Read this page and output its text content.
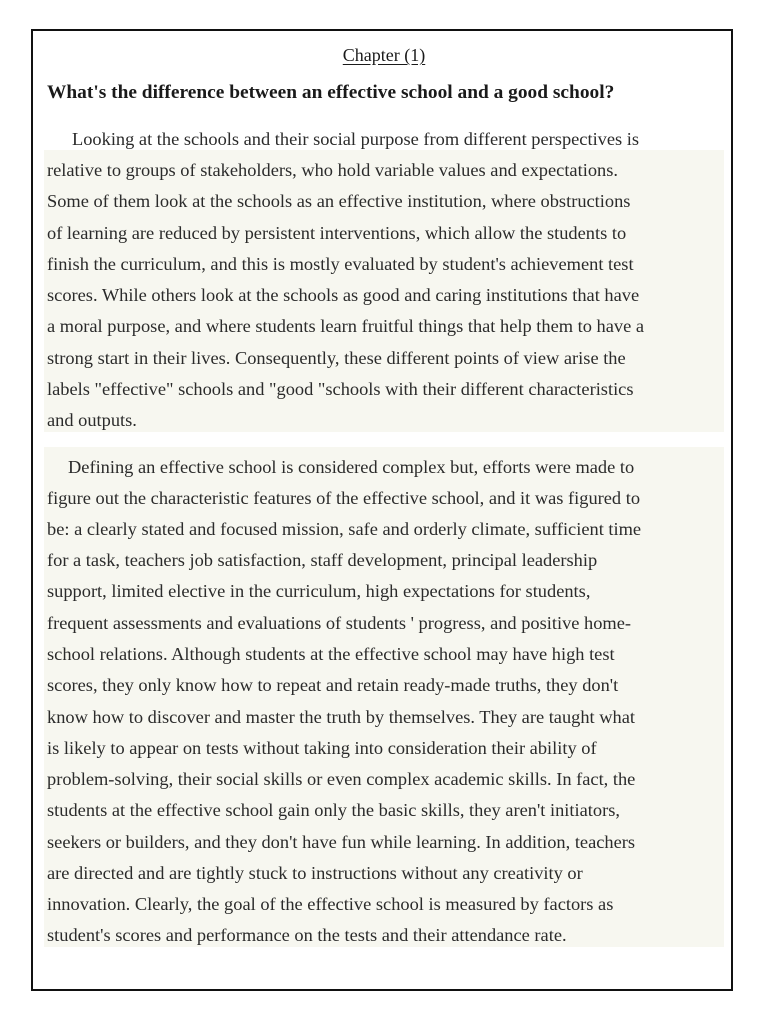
Chapter (1)
What's the difference between an effective school and a good school?
Looking at the schools and their social purpose from different perspectives is
relative to groups of stakeholders, who hold variable values and expectations.
Some of them look at the schools as an effective institution, where obstructions
of learning are reduced by persistent interventions, which allow the students to
finish the curriculum, and this is mostly evaluated by student's achievement test
scores. While others look at the schools as good and caring institutions that have
a moral purpose, and where students learn fruitful things that help them to have a
strong start in their lives. Consequently, these different points of view arise the
labels "effective" schools and "good "schools with their different characteristics
and outputs.
Defining an effective school is considered complex but, efforts were made to
figure out the characteristic features of the effective school, and it was figured to
be: a clearly stated and focused mission, safe and orderly climate, sufficient time
for a task, teachers job satisfaction, staff development, principal leadership
support, limited elective in the curriculum, high expectations for students,
frequent assessments and evaluations of students ' progress, and positive home-
school relations. Although students at the effective school may have high test
scores, they only know how to repeat and retain ready-made truths, they don't
know how to discover and master the truth by themselves. They are taught what
is likely to appear on tests without taking into consideration their ability of
problem-solving, their social skills or even complex academic skills. In fact, the
students at the effective school gain only the basic skills, they aren't initiators,
seekers or builders, and they don't have fun while learning. In addition, teachers
are directed and are tightly stuck to instructions without any creativity or
innovation. Clearly, the goal of the effective school is measured by factors as
student's scores and performance on the tests and their attendance rate.
